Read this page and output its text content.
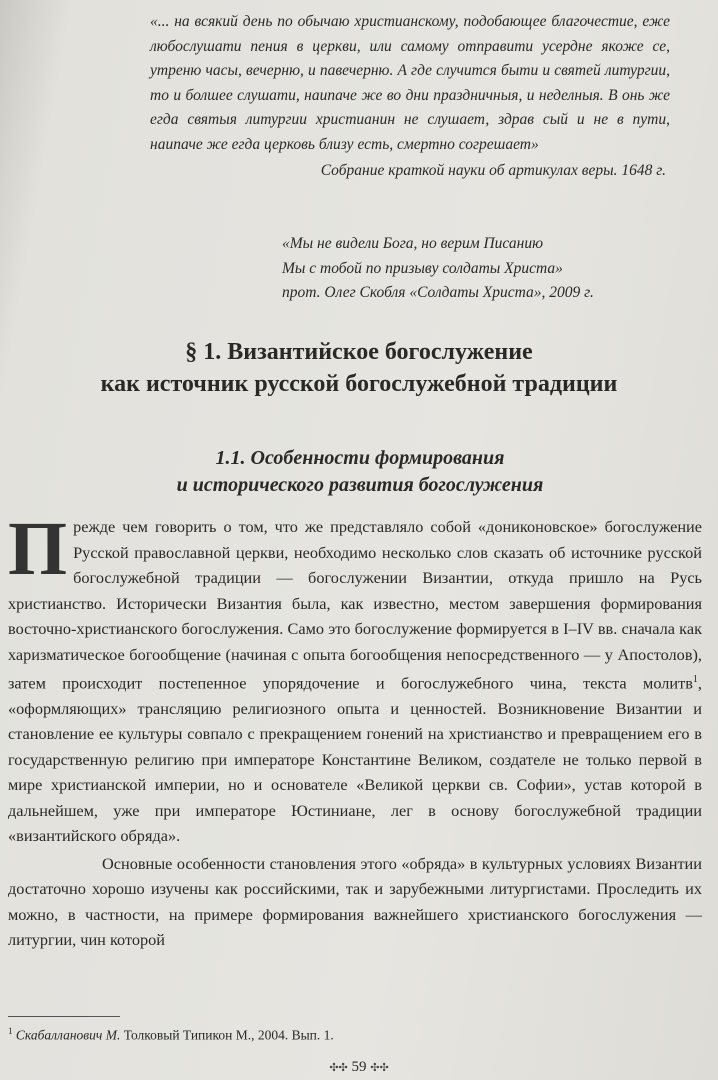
«... на всякий день по обычаю христианскому, подобающее благочестие, еже любослушати пения в церкви, или самому отправити усердне якоже се, утреню часы, вечерню, и павечерню. А где случится быти и святей литургии, то и болшее слушати, наипаче же во дни праздничныя, и неделныя. В онь же егда святыя литургии христианин не слушает, здрав сый и не в пути, наипаче же егда церковь близу есть, смертно согрешает»
Собрание краткой науки об артикулах веры. 1648 г.
«Мы не видели Бога, но верим Писанию
Мы с тобой по призыву солдаты Христа»
прот. Олег Скобля «Солдаты Христа», 2009 г.
§ 1. Византийское богослужение
как источник русской богослужебной традиции
1.1. Особенности формирования
и исторического развития богослужения

Прежде чем говорить о том, что же представляло собой «дониконовское» богослужение Русской православной церкви, необходимо несколько слов сказать об источнике русской богослужебной традиции — богослужении Византии, откуда пришло на Русь христианство. Исторически Византия была, как известно, местом завершения формирования восточно-христианского богослужения. Само это богослужение формируется в I–IV вв. сначала как харизматическое богообщение (начиная с опыта богообщения непосредственного — у Апостолов), затем происходит постепенное упорядочение и богослужебного чина, текста молитв$^1$, «оформляющих» трансляцию религиозного опыта и ценностей. Возникновение Византии и становление ее культуры совпало с прекращением гонений на христианство и превращением его в государственную религию при императоре Константине Великом, создателе не только первой в мире христианской империи, но и основателе «Великой церкви св. Софии», устав которой в дальнейшем, уже при императоре Юстиниане, лег в основу богослужебной традиции «византийского обряда».

Основные особенности становления этого «обряда» в культурных условиях Византии достаточно хорошо изучены как российскими, так и зарубежными литургистами. Проследить их можно, в частности, на примере формирования важнейшего христианского богослужения — литургии, чин которой

$^1$ Скабалланович М. Толковый Типикон М., 2004. Вып. 1.
✣✣ 59 ✣✣
